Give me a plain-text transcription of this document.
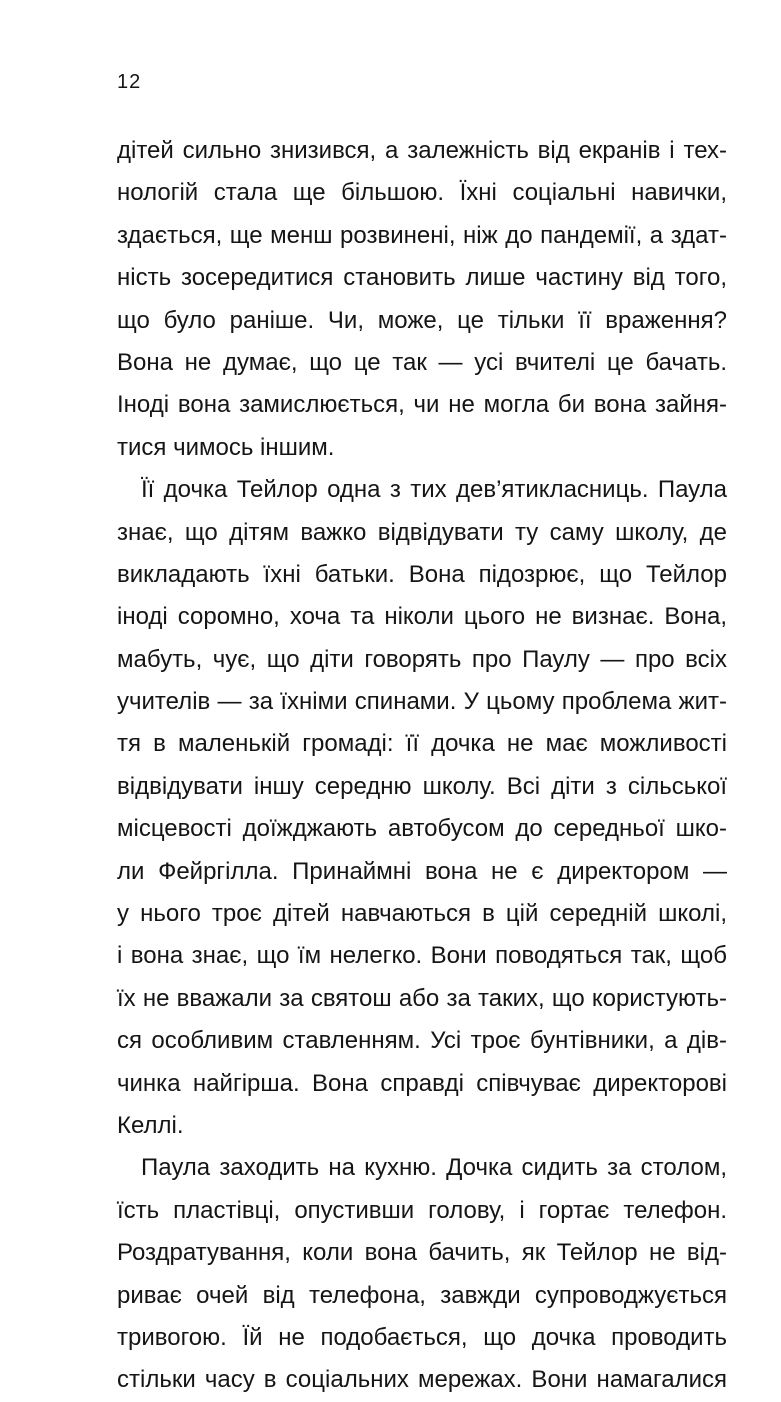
12
дітей сильно знизився, а залежність від екранів і тех-
нологій стала ще більшою. Їхні соціальні навички,
здається, ще менш розвинені, ніж до пандемії, а здат-
ність зосередитися становить лише частину від того,
що було раніше. Чи, може, це тільки її враження?
Вона не думає, що це так — усі вчителі це бачать.
Іноді вона замислюється, чи не могла би вона зайня-
тися чимось іншим.
Її дочка Тейлор одна з тих дев’ятикласниць. Паула
знає, що дітям важко відвідувати ту саму школу, де
викладають їхні батьки. Вона підозрює, що Тейлор
іноді соромно, хоча та ніколи цього не визнає. Вона,
мабуть, чує, що діти говорять про Паулу — про всіх
учителів — за їхніми спинами. У цьому проблема жит-
тя в маленькій громаді: її дочка не має можливості
відвідувати іншу середню школу. Всі діти з сільської
місцевості доїжджають автобусом до середньої шко-
ли Фейргілла. Принаймні вона не є директором —
у нього троє дітей навчаються в цій середній школі,
і вона знає, що їм нелегко. Вони поводяться так, щоб
їх не вважали за святош або за таких, що користують-
ся особливим ставленням. Усі троє бунтівники, а дів-
чинка найгірша. Вона справді співчуває директорові
Келлі.
Паула заходить на кухню. Дочка сидить за столом,
їсть пластівці, опустивши голову, і гортає телефон.
Роздратування, коли вона бачить, як Тейлор не від-
риває очей від телефона, завжди супроводжується
тривогою. Їй не подобається, що дочка проводить
стільки часу в соціальних мережах. Вони намагалися
